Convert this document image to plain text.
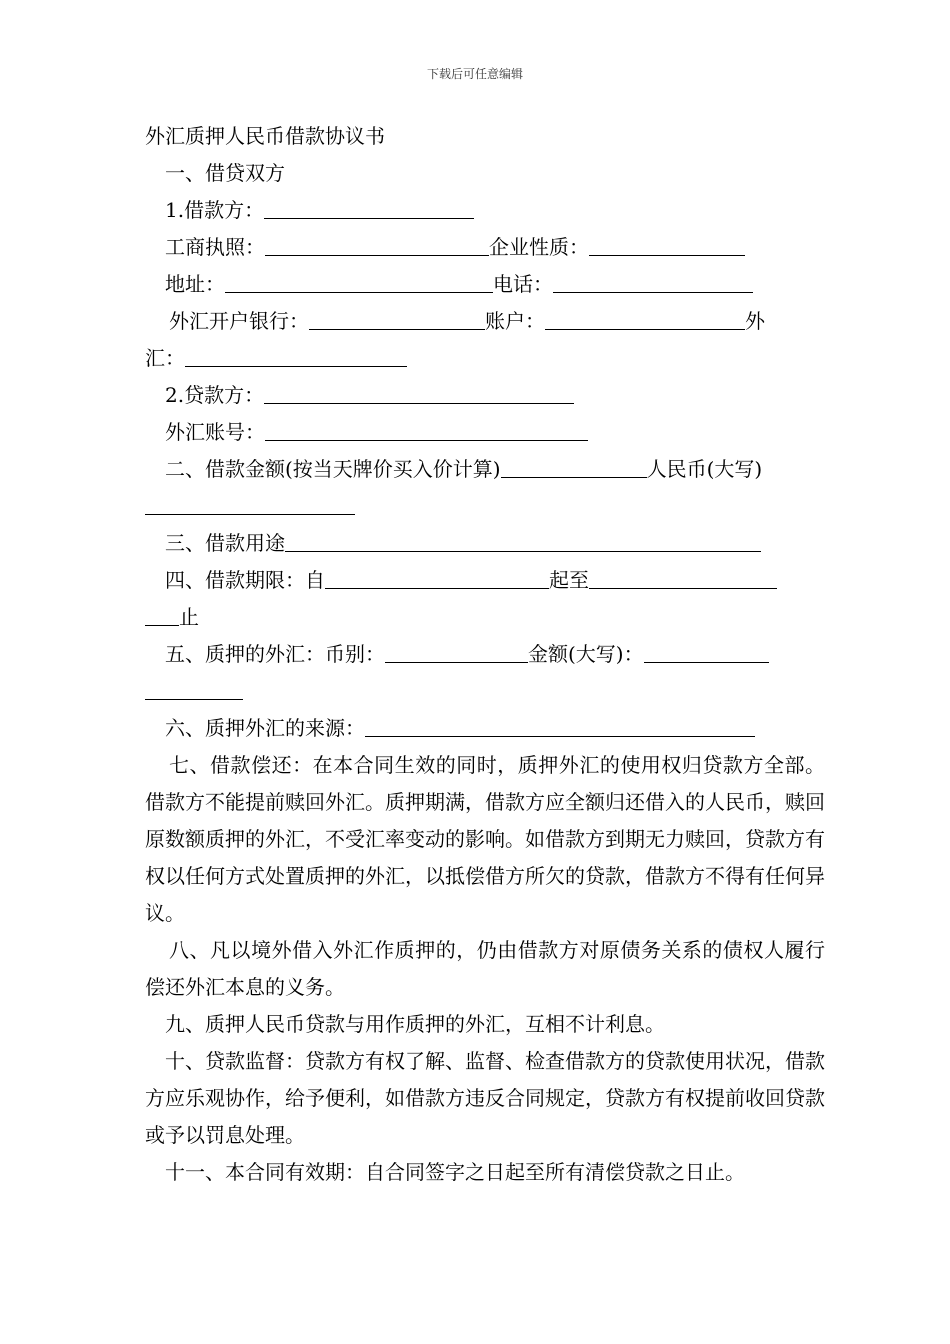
下载后可任意编辑
外汇质押人民币借款协议书
一、借贷双方
1.借款方：
工商执照：	企业性质：
地址：	电话：
外汇开户银行：	账户：	外
汇：
2.贷款方：
外汇账号：
二、借款金额(按当天牌价买入价计算)	人民币(大写)
三、借款用途
四、借款期限：自	起至
止
五、质押的外汇：币别：	金额(大写)：
六、质押外汇的来源：
七、借款偿还：在本合同生效的同时，质押外汇的使用权归贷款方全部。借款方不能提前赎回外汇。质押期满，借款方应全额归还借入的人民币，赎回原数额质押的外汇，不受汇率变动的影响。如借款方到期无力赎回，贷款方有权以任何方式处置质押的外汇，以抵偿借方所欠的贷款，借款方不得有任何异议。
八、凡以境外借入外汇作质押的，仍由借款方对原债务关系的债权人履行偿还外汇本息的义务。
九、质押人民币贷款与用作质押的外汇，互相不计利息。
十、贷款监督：贷款方有权了解、监督、检查借款方的贷款使用状况，借款方应乐观协作，给予便利，如借款方违反合同规定，贷款方有权提前收回贷款或予以罚息处理。
十一、本合同有效期：自合同签字之日起至所有清偿贷款之日止。
